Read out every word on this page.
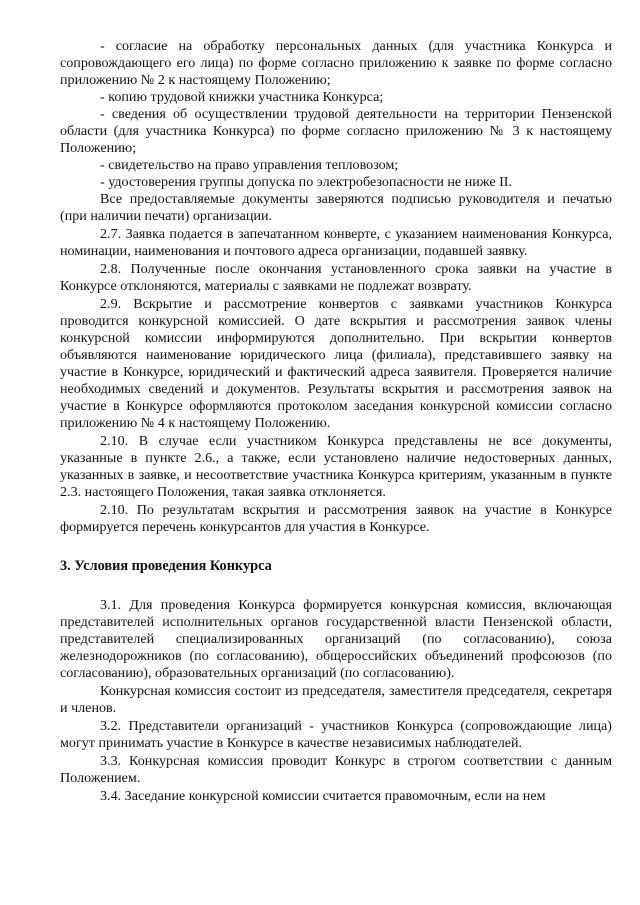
- согласие на обработку персональных данных (для участника Конкурса и сопровождающего его лица) по форме согласно приложению к заявке по форме согласно приложению № 2 к настоящему Положению;

- копию трудовой книжки участника Конкурса;

- сведения об осуществлении трудовой деятельности на территории Пензенской области (для участника Конкурса) по форме согласно приложению № 3 к настоящему Положению;

- свидетельство на право управления тепловозом;

- удостоверения группы допуска по электробезопасности не ниже II.

Все предоставляемые документы заверяются подписью руководителя и печатью (при наличии печати) организации.

2.7. Заявка подается в запечатанном конверте, с указанием наименования Конкурса, номинации, наименования и почтового адреса организации, подавшей заявку.

2.8. Полученные после окончания установленного срока заявки на участие в Конкурсе отклоняются, материалы с заявками не подлежат возврату.

2.9. Вскрытие и рассмотрение конвертов с заявками участников Конкурса проводится конкурсной комиссией. О дате вскрытия и рассмотрения заявок члены конкурсной комиссии информируются дополнительно. При вскрытии конвертов объявляются наименование юридического лица (филиала), представившего заявку на участие в Конкурсе, юридический и фактический адреса заявителя. Проверяется наличие необходимых сведений и документов. Результаты вскрытия и рассмотрения заявок на участие в Конкурсе оформляются протоколом заседания конкурсной комиссии согласно приложению № 4 к настоящему Положению.

2.10. В случае если участником Конкурса представлены не все документы, указанные в пункте 2.6., а также, если установлено наличие недостоверных данных, указанных в заявке, и несоответствие участника Конкурса критериям, указанным в пункте 2.3. настоящего Положения, такая заявка отклоняется.

2.10. По результатам вскрытия и рассмотрения заявок на участие в Конкурсе формируется перечень конкурсантов для участия в Конкурсе.

3. Условия проведения Конкурса

3.1. Для проведения Конкурса формируется конкурсная комиссия, включающая представителей исполнительных органов государственной власти Пензенской области, представителей специализированных организаций (по согласованию), союза железнодорожников (по согласованию), общероссийских объединений профсоюзов (по согласованию), образовательных организаций (по согласованию).

Конкурсная комиссия состоит из председателя, заместителя председателя, секретаря и членов.

3.2. Представители организаций - участников Конкурса (сопровождающие лица) могут принимать участие в Конкурсе в качестве независимых наблюдателей.

3.3. Конкурсная комиссия проводит Конкурс в строгом соответствии с данным Положением.

3.4. Заседание конкурсной комиссии считается правомочным, если на нем
